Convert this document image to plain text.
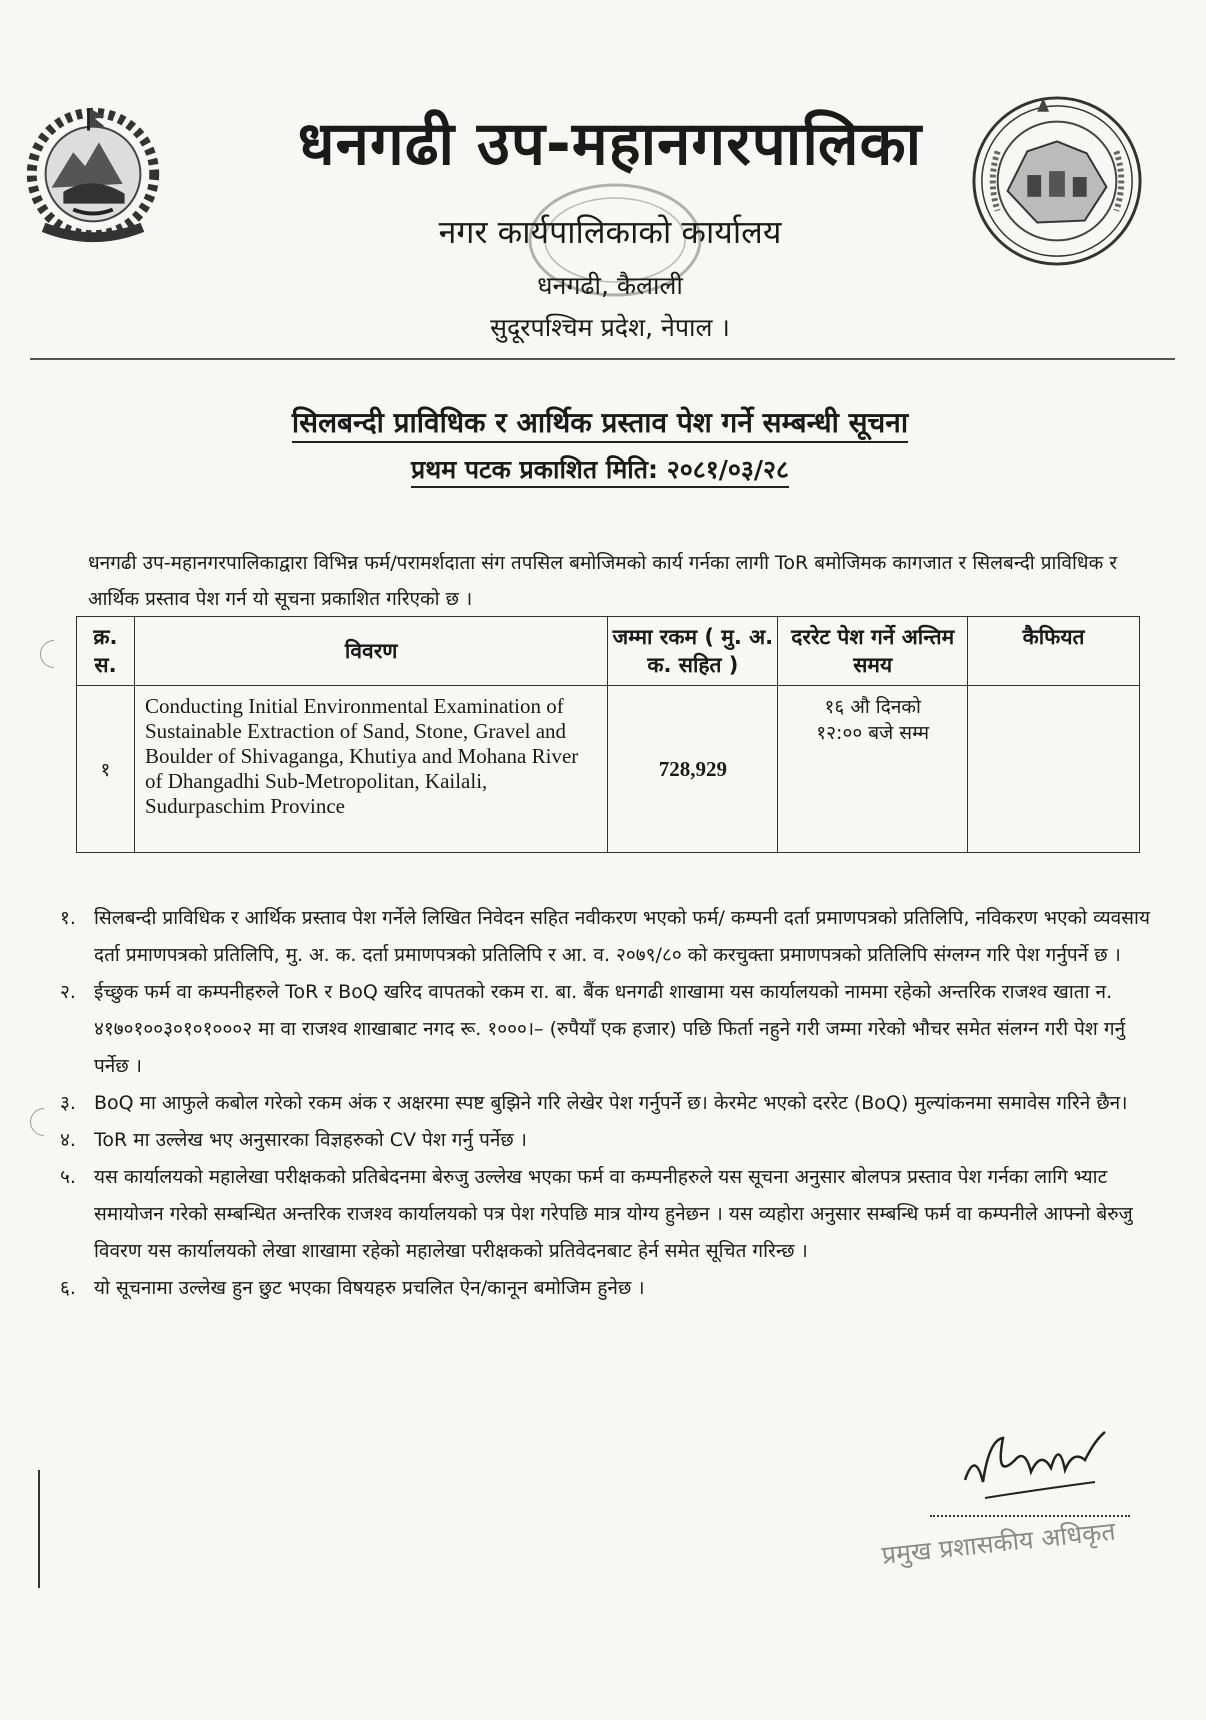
धनगढी उप-महानगरपालिका
नगर कार्यपालिकाको कार्यालय
धनगढी, कैलाली
सुदूरपश्चिम प्रदेश, नेपाल ।
सिलबन्दी प्राविधिक र आर्थिक प्रस्ताव पेश गर्ने सम्बन्धी सूचना
प्रथम पटक प्रकाशित मिति: २०८१/०३/२८
धनगढी उप-महानगरपालिकाद्वारा विभिन्न फर्म/परामर्शदाता संग तपसिल बमोजिमको कार्य गर्नका लागी ToR बमोजिमक कागजात र सिलबन्दी प्राविधिक र आर्थिक प्रस्ताव पेश गर्न यो सूचना प्रकाशित गरिएको छ ।
क्र. स.	विवरण	जम्मा रकम ( मु. अ. क. सहित )	दररेट पेश गर्ने अन्तिम समय	कैफियत
१	Conducting Initial Environmental Examination of Sustainable Extraction of Sand, Stone, Gravel and Boulder of Shivaganga, Khutiya and Mohana River of Dhangadhi Sub-Metropolitan, Kailali, Sudurpaschim Province	728,929	१६ औ दिनको
१२:०० बजे सम्म	

१. सिलबन्दी प्राविधिक र आर्थिक प्रस्ताव पेश गर्नेले लिखित निवेदन सहित नवीकरण भएको फर्म/ कम्पनी दर्ता प्रमाणपत्रको प्रतिलिपि, नविकरण भएको व्यवसाय दर्ता प्रमाणपत्रको प्रतिलिपि, मु. अ. क. दर्ता प्रमाणपत्रको प्रतिलिपि र आ. व. २०७९/८० को करचुक्ता प्रमाणपत्रको प्रतिलिपि संग्लग्न गरि पेश गर्नुपर्ने छ ।
२. ईच्छुक फर्म वा कम्पनीहरुले ToR र BoQ खरिद वापतको रकम रा. बा. बैंक धनगढी शाखामा यस कार्यालयको नाममा रहेको अन्तरिक राजश्व खाता न. ४१७०१००३०१०१०००२ मा वा राजश्व शाखाबाट नगद रू. १०००।– (रुपैयाँ एक हजार) पछि फिर्ता नहुने गरी जम्मा गरेको भौचर समेत संलग्न गरी पेश गर्नु पर्नेछ ।
३. BoQ मा आफुले कबोल गरेको रकम अंक र अक्षरमा स्पष्ट बुझिने गरि लेखेर पेश गर्नुपर्ने छ। केरमेट भएको दररेट (BoQ) मुल्यांकनमा समावेस गरिने छैन।
४. ToR मा उल्लेख भए अनुसारका विज्ञहरुको CV पेश गर्नु पर्नेछ ।
५. यस कार्यालयको महालेखा परीक्षकको प्रतिबेदनमा बेरुजु उल्लेख भएका फर्म वा कम्पनीहरुले यस सूचना अनुसार बोलपत्र प्रस्ताव पेश गर्नका लागि भ्याट समायोजन गरेको सम्बन्धित अन्तरिक राजश्व कार्यालयको पत्र पेश गरेपछि मात्र योग्य हुनेछन । यस व्यहोरा अनुसार सम्बन्धि फर्म वा कम्पनीले आफ्नो बेरुजु विवरण यस कार्यालयको लेखा शाखामा रहेको महालेखा परीक्षकको प्रतिवेदनबाट हेर्न समेत सूचित गरिन्छ ।
६. यो सूचनामा उल्लेख हुन छुट भएका विषयहरु प्रचलित ऐन/कानून बमोजिम हुनेछ ।
प्रमुख प्रशासकीय अधिकृत
